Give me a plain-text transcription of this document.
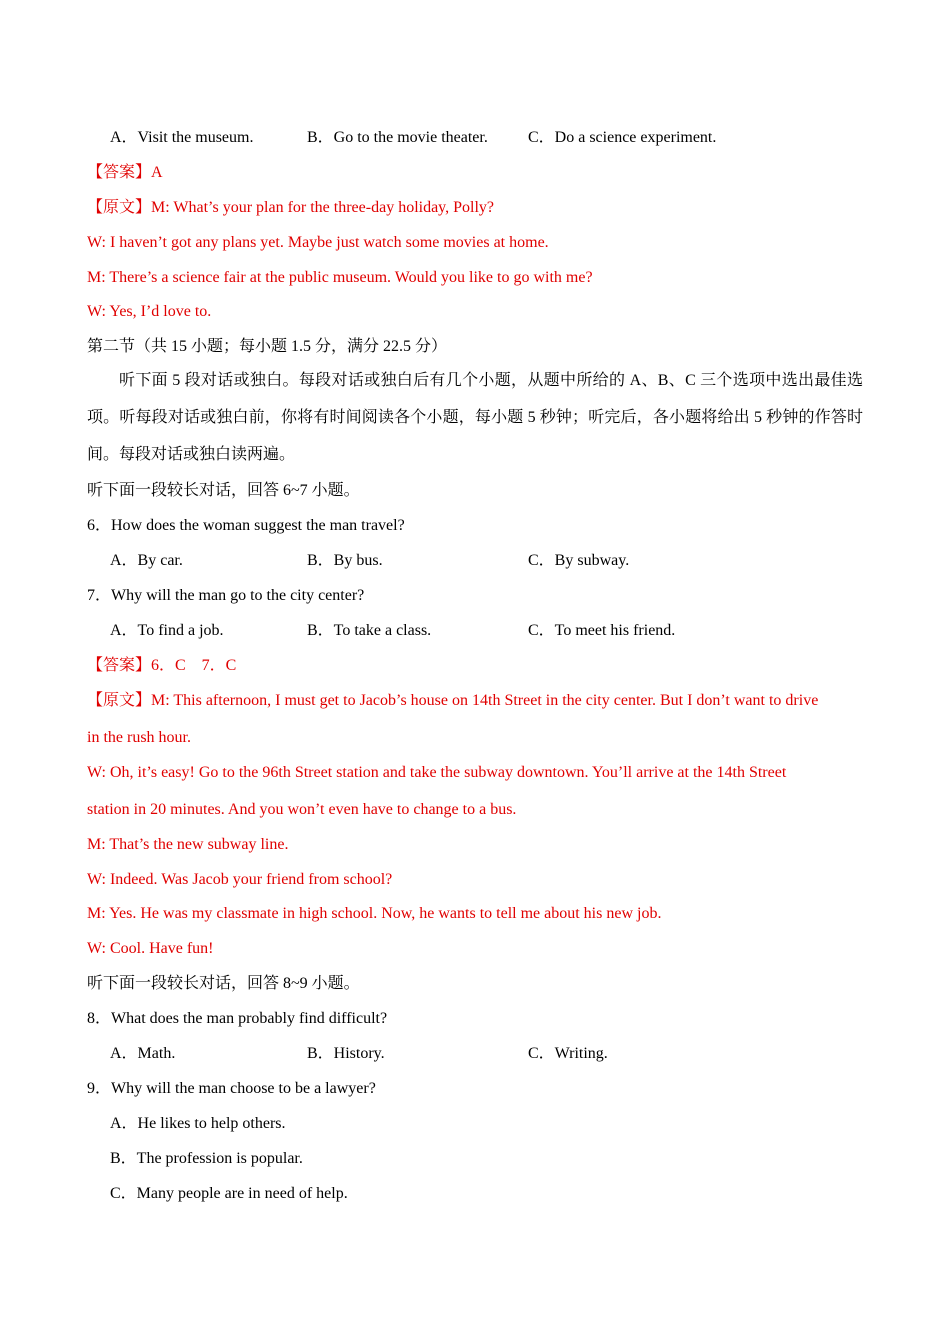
A．Visit the museum.	B．Go to the movie theater.	C．Do a science experiment.
【答案】A
【原文】M: What’s your plan for the three-day holiday, Polly?
W: I haven’t got any plans yet. Maybe just watch some movies at home.
M: There’s a science fair at the public museum. Would you like to go with me?
W: Yes, I’d love to.
第二节（共 15 小题；每小题 1.5 分，满分 22.5 分）
听下面 5 段对话或独白。每段对话或独白后有几个小题，从题中所给的 A、B、C 三个选项中选出最佳选项。听每段对话或独白前，你将有时间阅读各个小题，每小题 5 秒钟；听完后，各小题将给出 5 秒钟的作答时间。每段对话或独白读两遍。
听下面一段较长对话，回答 6~7 小题。
6．How does the woman suggest the man travel?
A．By car.	B．By bus.	C．By subway.
7．Why will the man go to the city center?
A．To find a job.	B．To take a class.	C．To meet his friend.
【答案】6．C　7．C
【原文】M: This afternoon, I must get to Jacob’s house on 14th Street in the city center. But I don’t want to drive
in the rush hour.
W: Oh, it’s easy! Go to the 96th Street station and take the subway downtown. You’ll arrive at the 14th Street
station in 20 minutes. And you won’t even have to change to a bus.
M: That’s the new subway line.
W: Indeed. Was Jacob your friend from school?
M: Yes. He was my classmate in high school. Now, he wants to tell me about his new job.
W: Cool. Have fun!
听下面一段较长对话，回答 8~9 小题。
8．What does the man probably find difficult?
A．Math.	B．History.	C．Writing.
9．Why will the man choose to be a lawyer?
A．He likes to help others.
B．The profession is popular.
C．Many people are in need of help.
